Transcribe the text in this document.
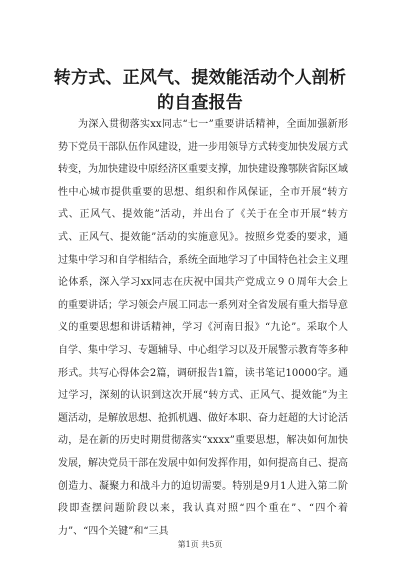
转方式、正风气、提效能活动个人剖析的自查报告

为深入贯彻落实xx同志“七一”重要讲话精神，全面加强新形势下党员干部队伍作风建设，进一步用领导方式转变加快发展方式转变，为加快建设中原经济区重要支撑，加快建设豫鄂陕省际区域性中心城市提供重要的思想、组织和作风保证，全市开展“转方式、正风气、提效能”活动，并出台了《关于在全市开展“转方式、正风气、提效能”活动的实施意见》。按照乡党委的要求，通过集中学习和自学相结合，系统全面地学习了中国特色社会主义理论体系，深入学习xx同志在庆祝中国共产党成立９０周年大会上的重要讲话；学习领会卢展工同志一系列对全省发展有重大指导意义的重要思想和讲话精神，学习《河南日报》“九论”。采取个人自学、集中学习、专题辅导、中心组学习以及开展警示教育等多种形式。共写心得体会2篇，调研报告1篇，读书笔记10000字。通过学习，深刻的认识到这次开展“转方式、正风气、提效能”为主题活动，是解放思想、抢抓机遇、做好本职、奋力赶超的大讨论活动，是在新的历史时期贯彻落实“xxxx”重要思想，解决如何加快发展，解决党员干部在发展中如何发挥作用，如何提高自己、提高创造力、凝聚力和战斗力的迫切需要。特别是9月1人进入第二阶段即查摆问题阶段以来，我认真对照“四个重在”、“四个着力”、“四个关键”和“三具

第1页 共5页
